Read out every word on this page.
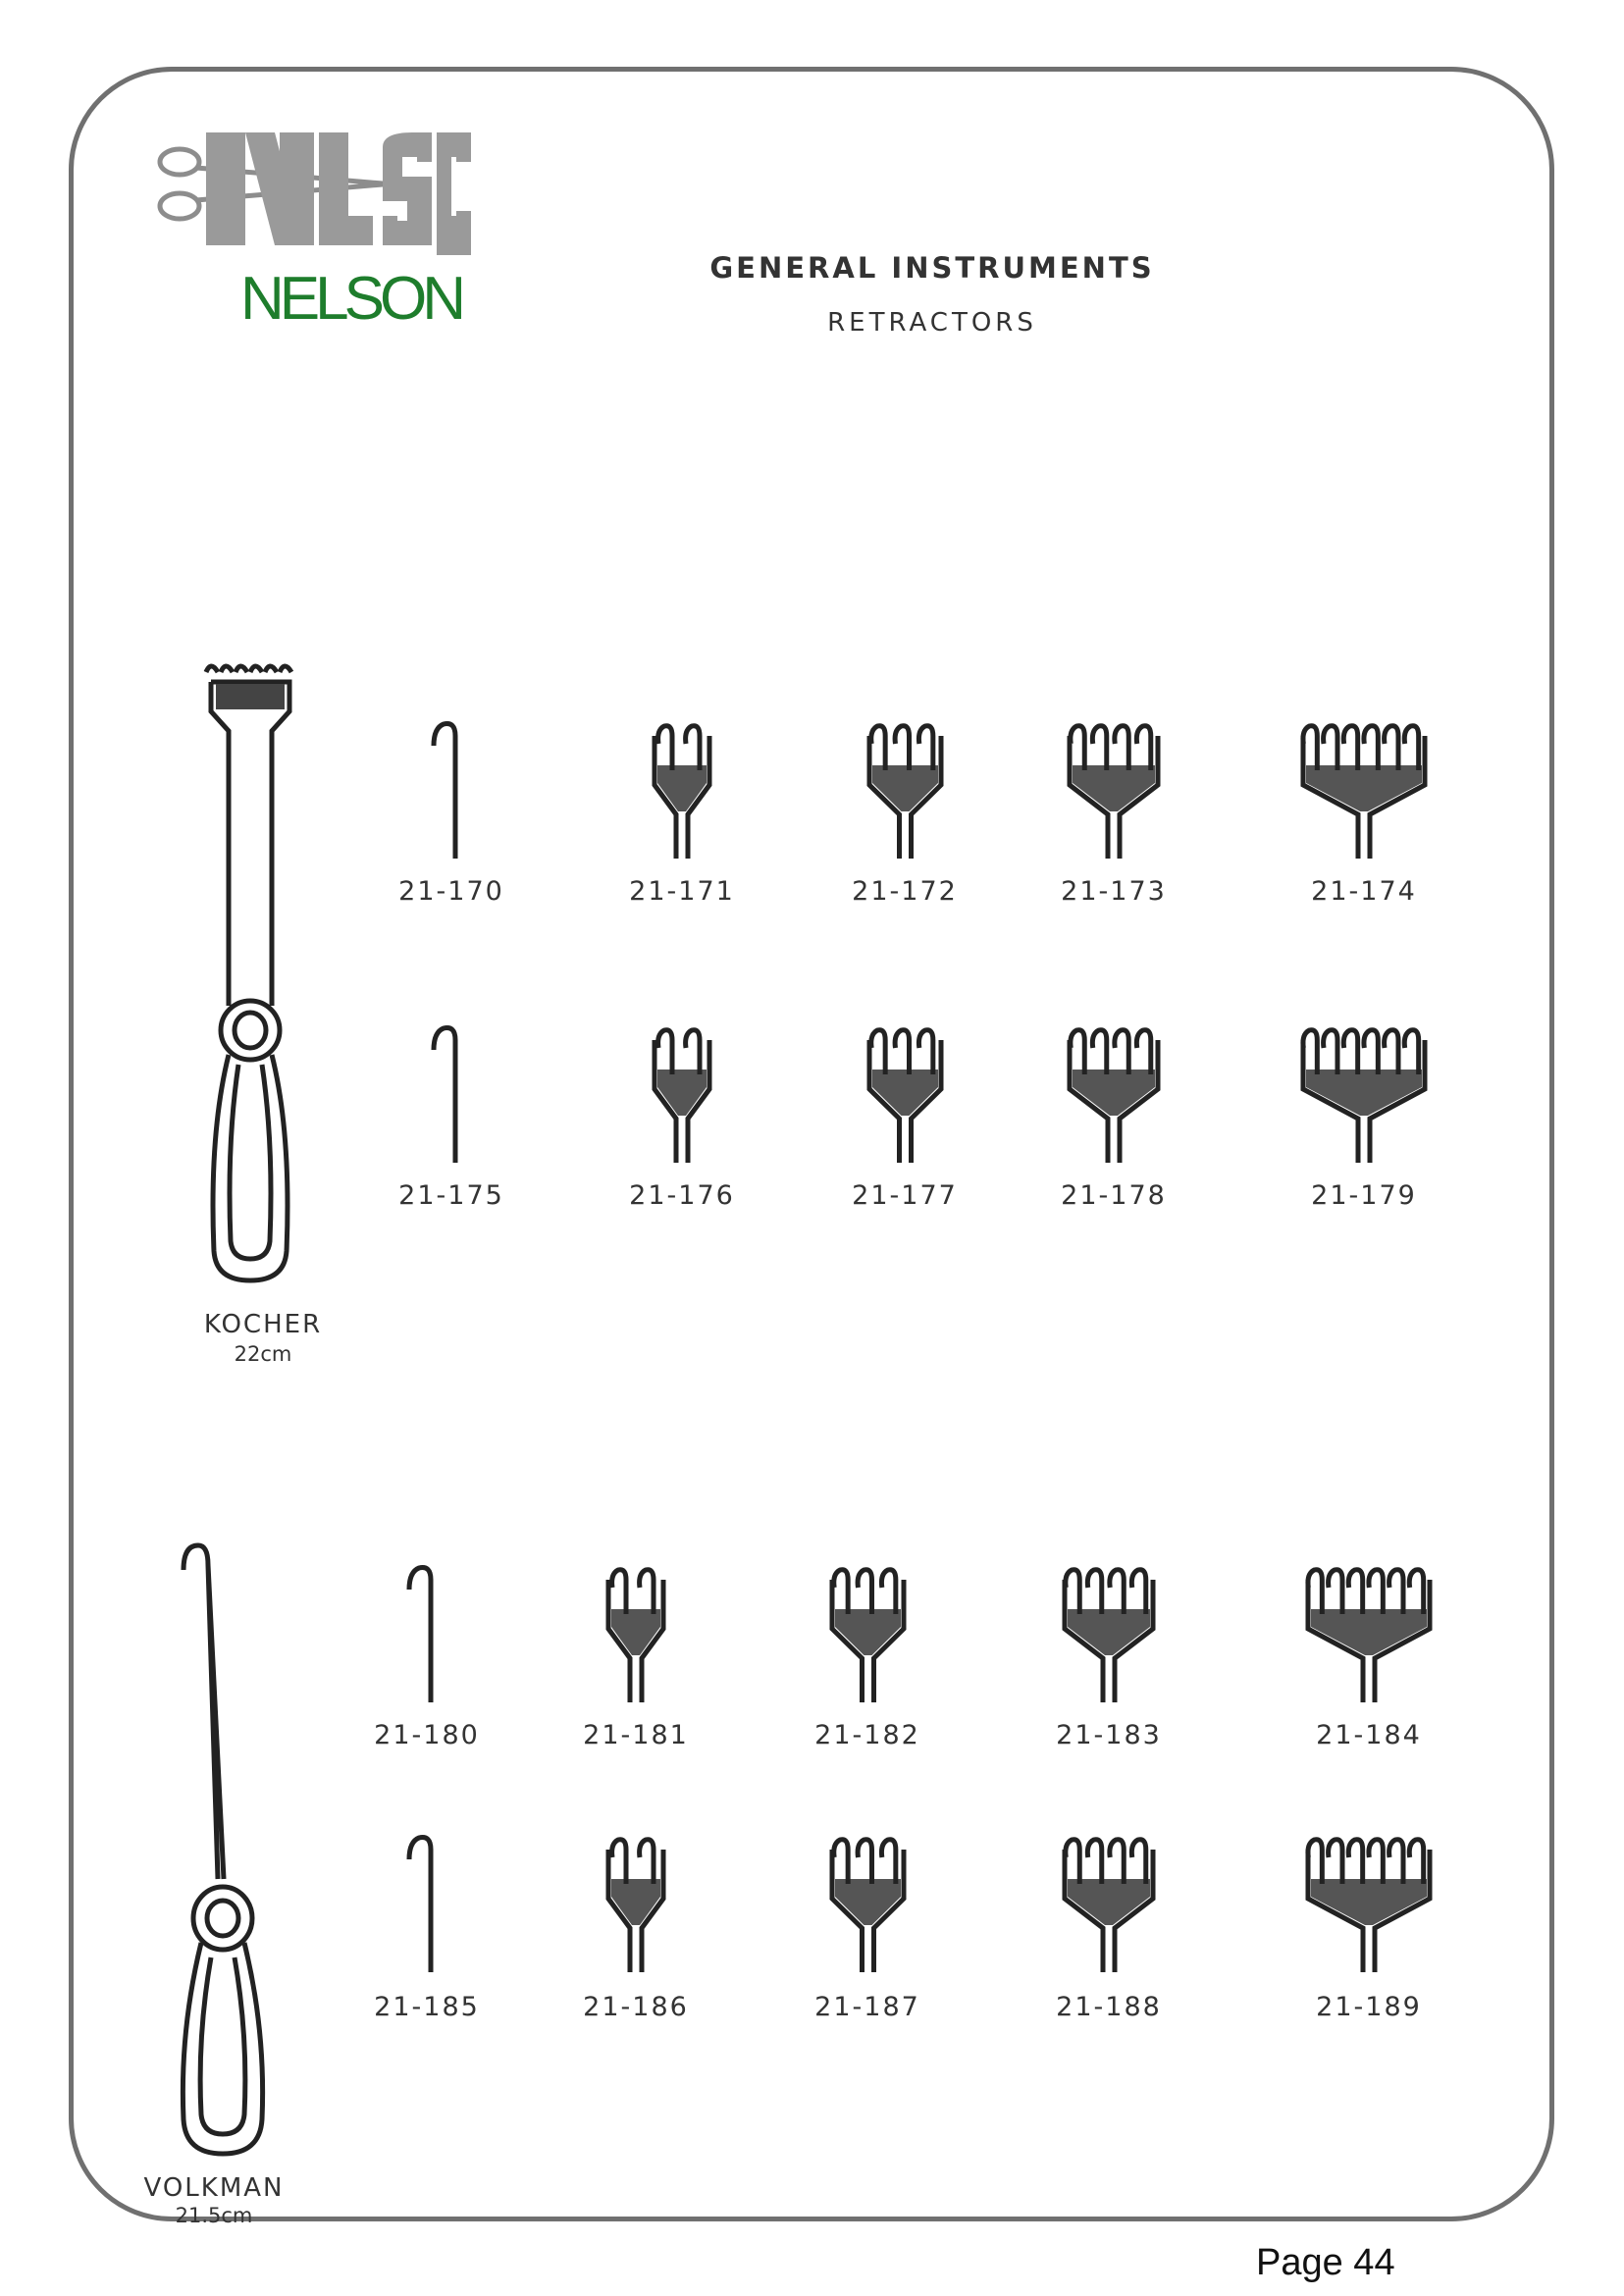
NELSON	GENERAL INSTRUMENTS
RETRACTORS
KOCHER
22cm
VOLKMAN
21.5cm
21-170	21-171	21-172	21-173	21-174
21-175	21-176	21-177	21-178	21-179
21-180	21-181	21-182	21-183	21-184
21-185	21-186	21-187	21-188	21-189
Page 44
